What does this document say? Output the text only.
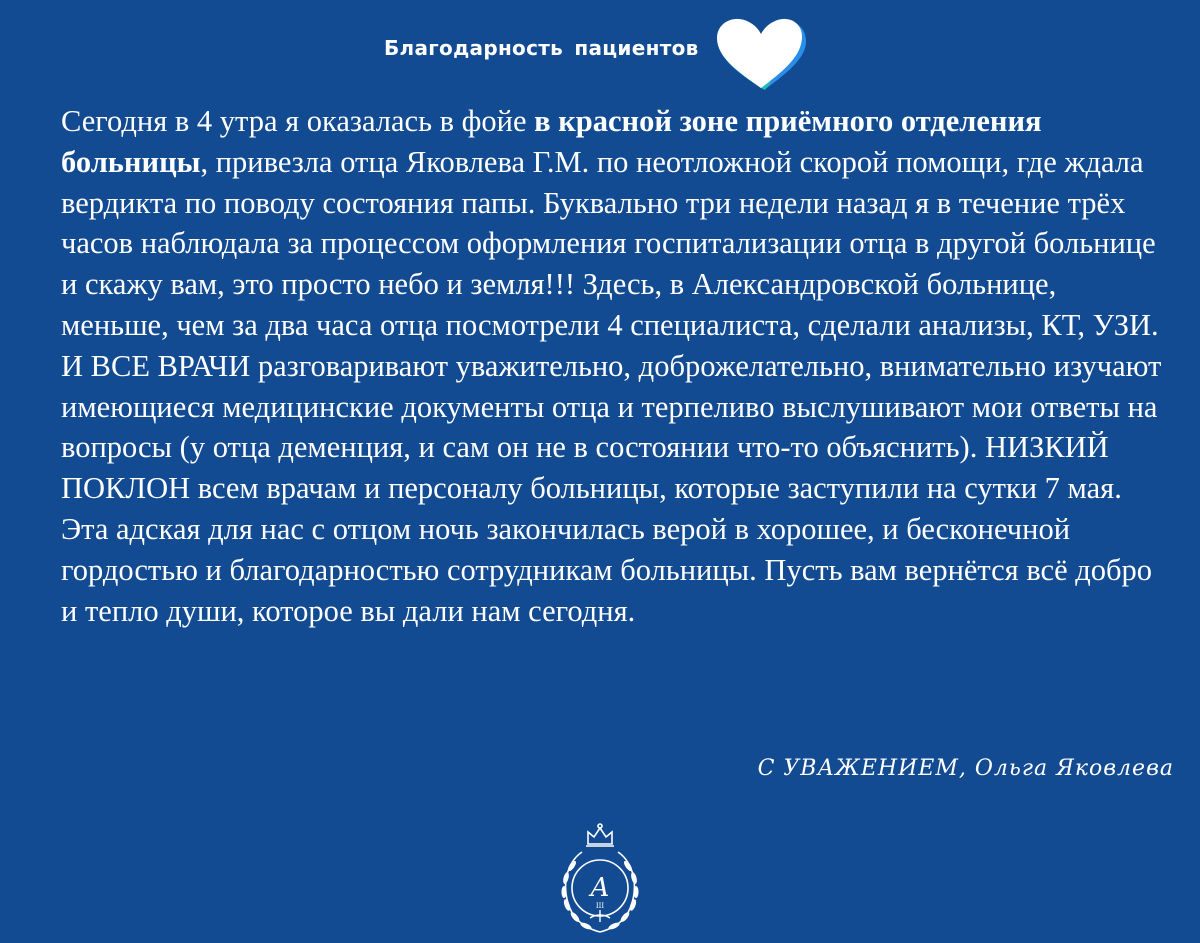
Благодарность пациентов

Сегодня в 4 утра я оказалась в фойе в красной зоне приёмного отделения больницы, привезла отца Яковлева Г.М. по неотложной скорой помощи, где ждала вердикта по поводу состояния папы. Буквально три недели назад я в течение трёх часов наблюдала за процессом оформления госпитализации отца в другой больнице и скажу вам, это просто небо и земля!!! Здесь, в Александровской больнице, меньше, чем за два часа отца посмотрели 4 специалиста, сделали анализы, КТ, УЗИ.

И ВСЕ ВРАЧИ разговаривают уважительно, доброжелательно, внимательно изучают имеющиеся медицинские документы отца и терпеливо выслушивают мои ответы на вопросы (у отца деменция, и сам он не в состоянии что-то объяснить). НИЗКИЙ ПОКЛОН всем врачам и персоналу больницы, которые заступили на сутки 7 мая. Эта адская для нас с отцом ночь закончилась верой в хорошее, и бесконечной гордостью и благодарностью сотрудникам больницы. Пусть вам вернётся всё добро и тепло души, которое вы дали нам сегодня.

С УВАЖЕНИЕМ, Ольга Яковлева
А
III
